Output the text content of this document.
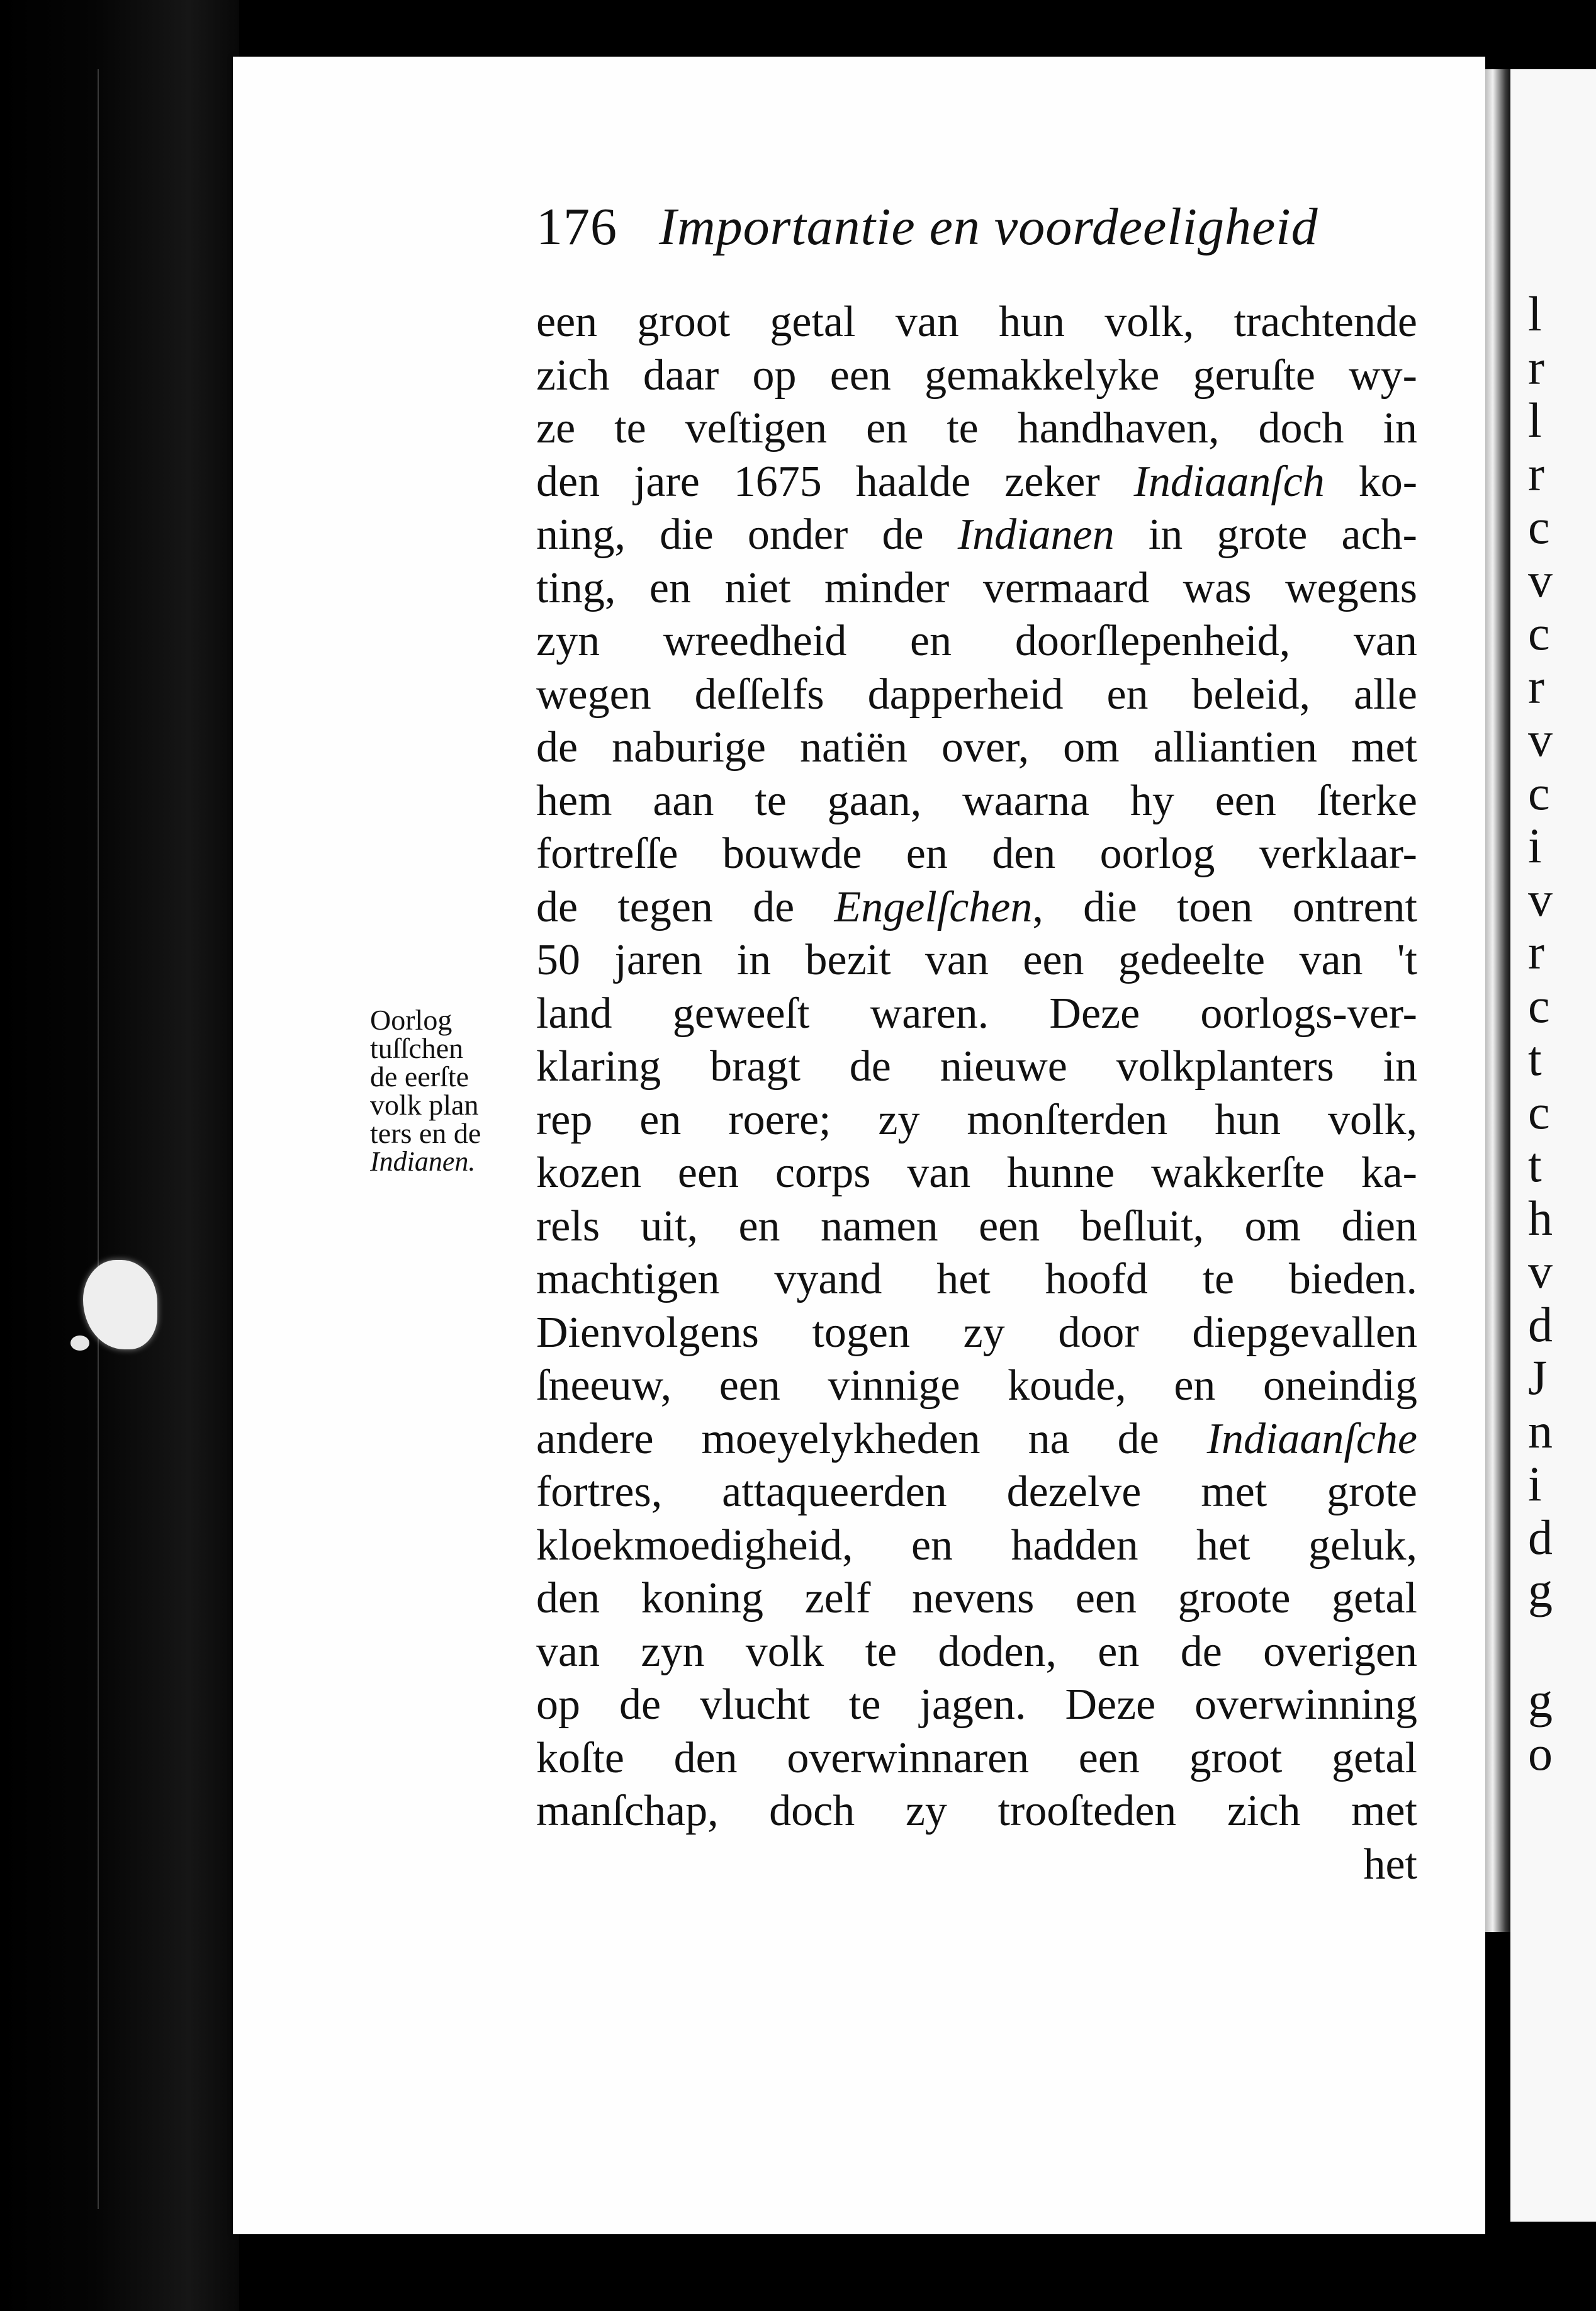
l
r
l
r
c
v
c
r
v
c
i
v
r
c
t
c
t
h
v
d
J
n
i
d
g
g
o
176 Importantie en voordeeligheid
Oorlog
tuſſchen
de eerſte
volk plan
ters en de
Indianen.
een groot getal van hun volk, trachtende
zich daar op een gemakkelyke geruſte wy-
ze te veſtigen en te handhaven, doch in
den jare 1675 haalde zeker Indiaanſch ko-
ning, die onder de Indianen in grote ach-
ting, en niet minder vermaard was wegens
zyn wreedheid en doorſlepenheid, van
wegen deſſelfs dapperheid en beleid, alle
de naburige natiën over, om alliantien met
hem aan te gaan, waarna hy een ſterke
fortreſſe bouwde en den oorlog verklaar-
de tegen de Engelſchen, die toen ontrent
50 jaren in bezit van een gedeelte van 't
land geweeſt waren. Deze oorlogs-ver-
klaring bragt de nieuwe volkplanters in
rep en roere; zy monſterden hun volk,
kozen een corps van hunne wakkerſte ka-
rels uit, en namen een beſluit, om dien
machtigen vyand het hoofd te bieden.
Dienvolgens togen zy door diepgevallen
ſneeuw, een vinnige koude, en oneindig
andere moeyelykheden na de Indiaanſche
fortres, attaqueerden dezelve met grote
kloekmoedigheid, en hadden het geluk,
den koning zelf nevens een groote getal
van zyn volk te doden, en de overigen
op de vlucht te jagen. Deze overwinning
koſte den overwinnaren een groot getal
manſchap, doch zy trooſteden zich met
het
